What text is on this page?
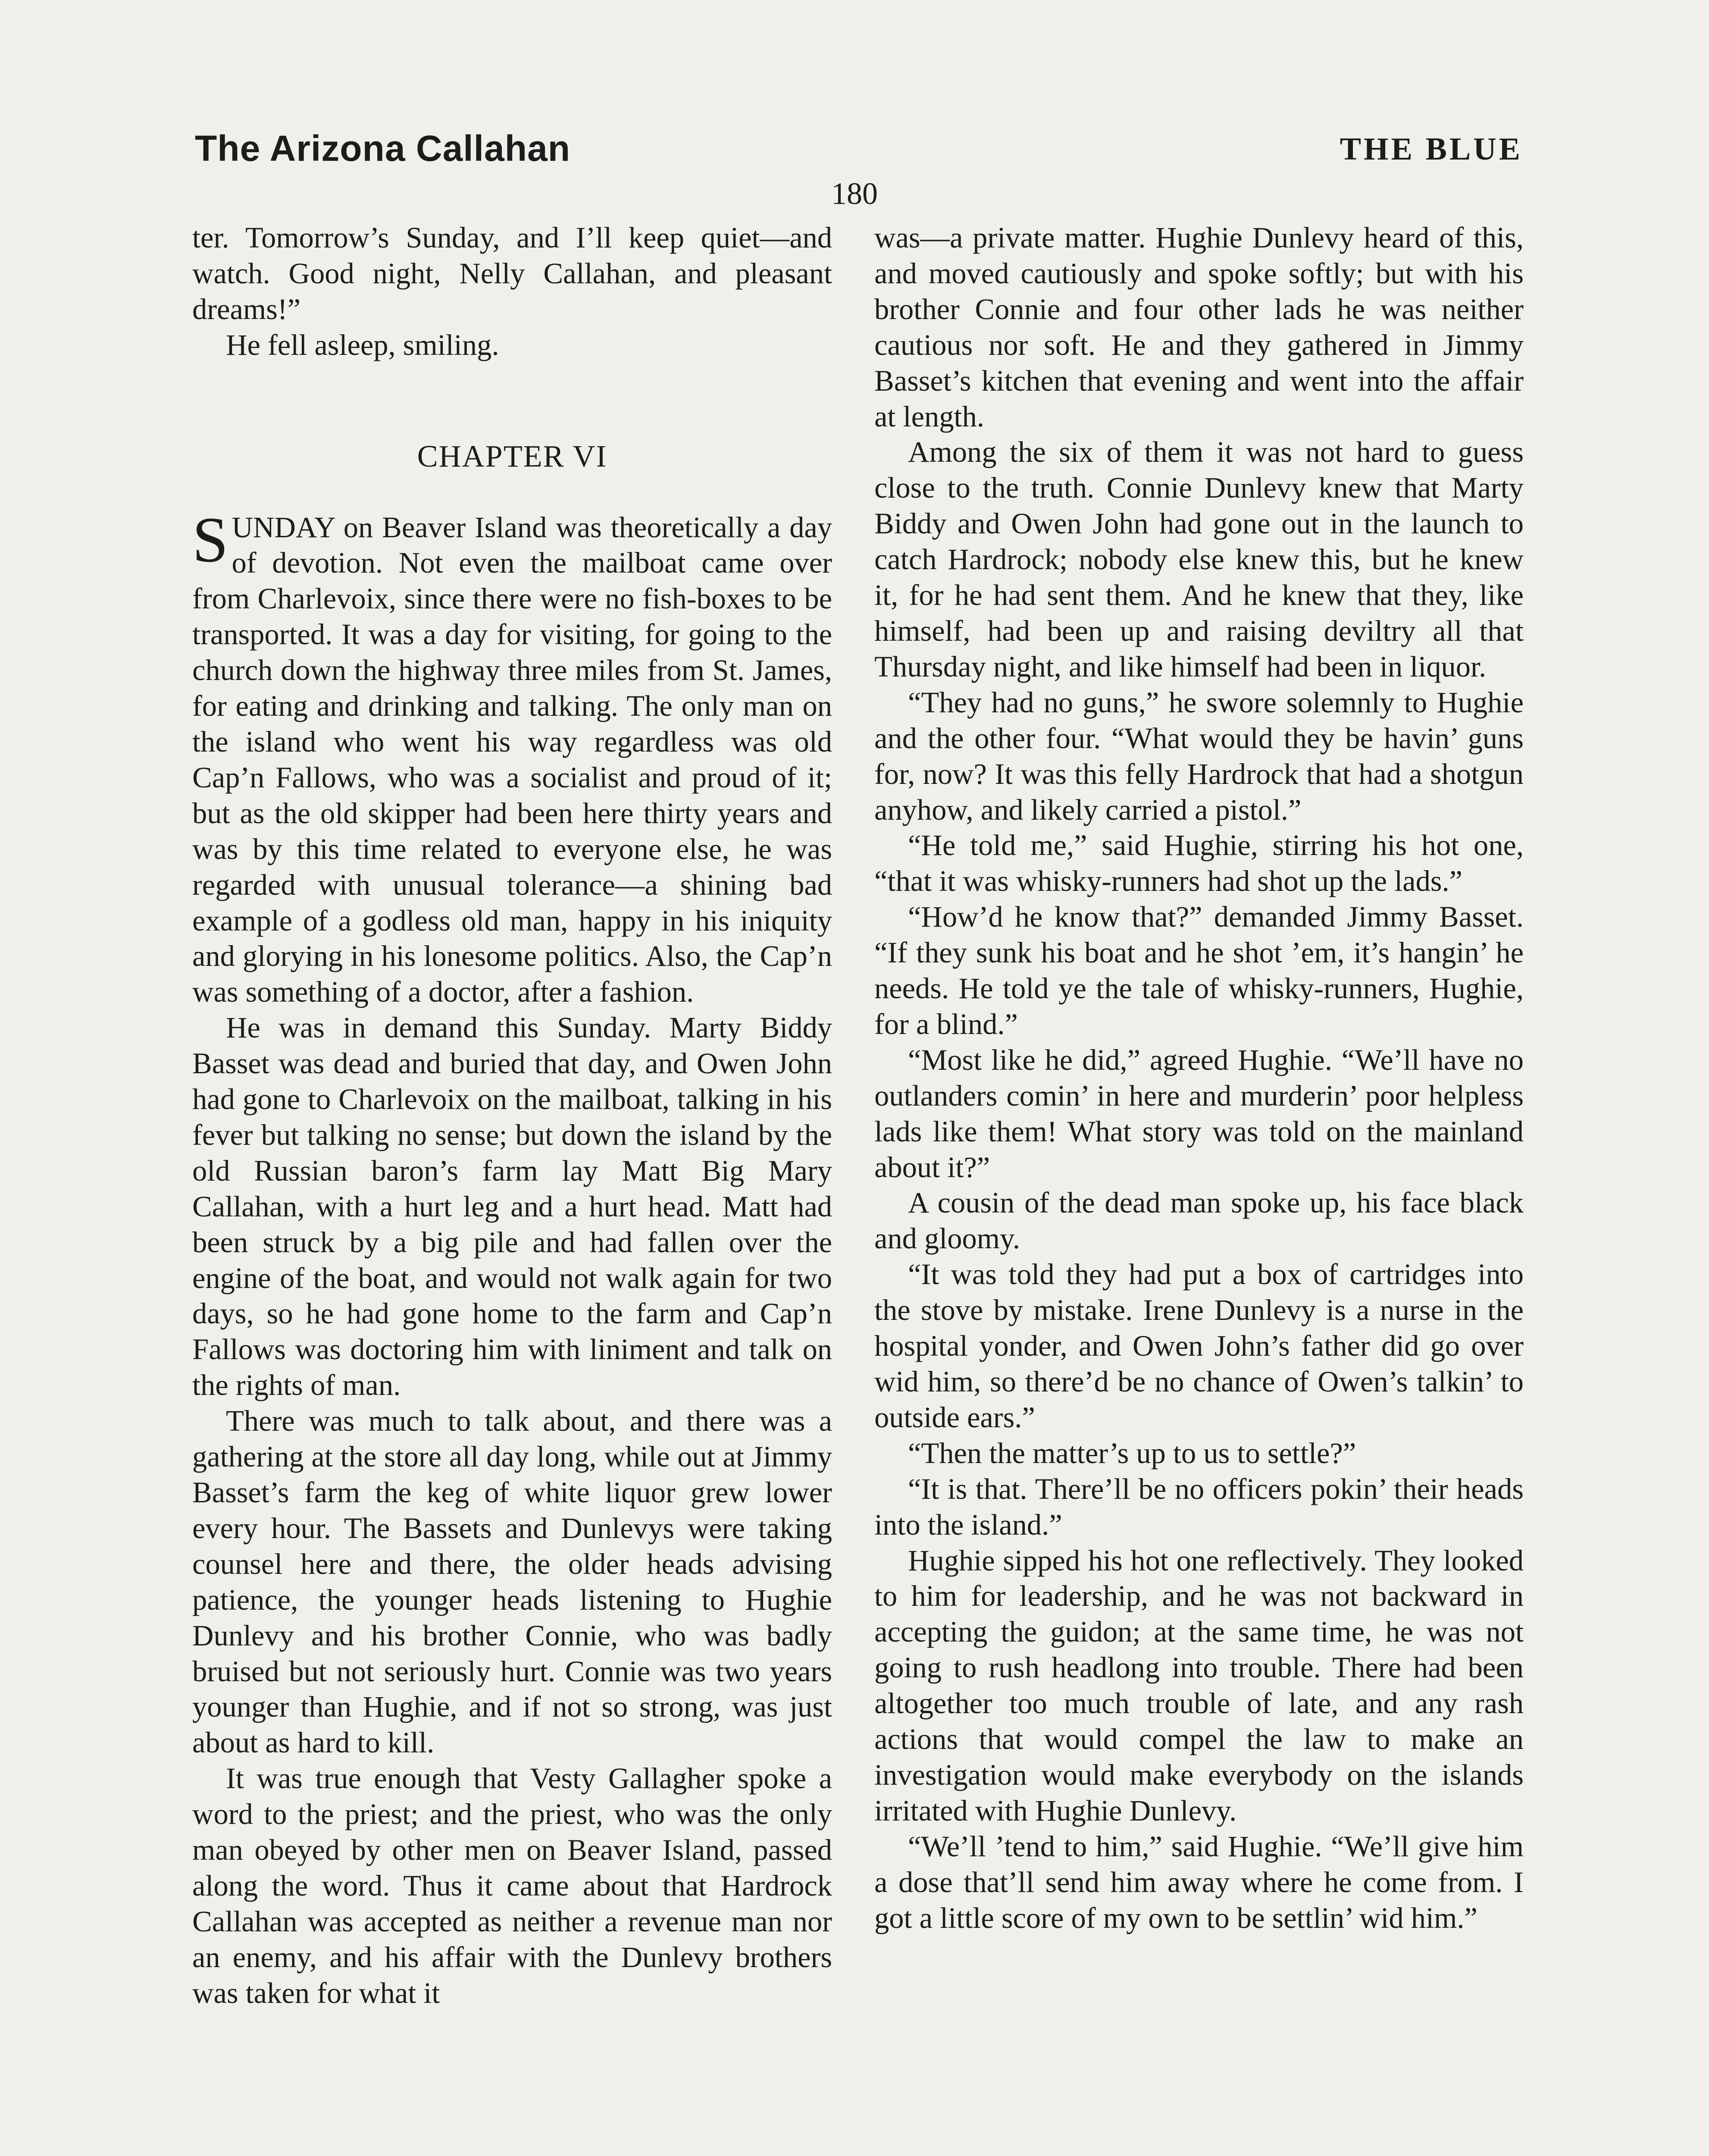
The Arizona Callahan	THE BLUE
180

ter. Tomorrow’s Sunday, and I’ll keep quiet—and watch. Good night, Nelly Callahan, and pleasant dreams!”

He fell asleep, smiling.

CHAPTER VI

SUNDAY on Beaver Island was theoretically a day of devotion. Not even the mailboat came over from Charlevoix, since there were no fish-boxes to be transported. It was a day for visiting, for going to the church down the highway three miles from St. James, for eating and drinking and talking. The only man on the island who went his way regardless was old Cap’n Fallows, who was a socialist and proud of it; but as the old skipper had been here thirty years and was by this time related to everyone else, he was regarded with unusual tolerance—a shining bad example of a godless old man, happy in his iniquity and glorying in his lonesome politics. Also, the Cap’n was something of a doctor, after a fashion.

He was in demand this Sunday. Marty Biddy Basset was dead and buried that day, and Owen John had gone to Charlevoix on the mailboat, talking in his fever but talking no sense; but down the island by the old Russian baron’s farm lay Matt Big Mary Callahan, with a hurt leg and a hurt head. Matt had been struck by a big pile and had fallen over the engine of the boat, and would not walk again for two days, so he had gone home to the farm and Cap’n Fallows was doctoring him with liniment and talk on the rights of man.

There was much to talk about, and there was a gathering at the store all day long, while out at Jimmy Basset’s farm the keg of white liquor grew lower every hour. The Bassets and Dunlevys were taking counsel here and there, the older heads advising patience, the younger heads listening to Hughie Dunlevy and his brother Connie, who was badly bruised but not seriously hurt. Connie was two years younger than Hughie, and if not so strong, was just about as hard to kill.

It was true enough that Vesty Gallagher spoke a word to the priest; and the priest, who was the only man obeyed by other men on Beaver Island, passed along the word. Thus it came about that Hardrock Callahan was accepted as neither a revenue man nor an enemy, and his affair with the Dunlevy brothers was taken for what it

was—a private matter. Hughie Dunlevy heard of this, and moved cautiously and spoke softly; but with his brother Connie and four other lads he was neither cautious nor soft. He and they gathered in Jimmy Basset’s kitchen that evening and went into the affair at length.

Among the six of them it was not hard to guess close to the truth. Connie Dunlevy knew that Marty Biddy and Owen John had gone out in the launch to catch Hardrock; nobody else knew this, but he knew it, for he had sent them. And he knew that they, like himself, had been up and raising deviltry all that Thursday night, and like himself had been in liquor.

“They had no guns,” he swore solemnly to Hughie and the other four. “What would they be havin’ guns for, now? It was this felly Hardrock that had a shotgun anyhow, and likely carried a pistol.”

“He told me,” said Hughie, stirring his hot one, “that it was whisky-runners had shot up the lads.”

“How’d he know that?” demanded Jimmy Basset. “If they sunk his boat and he shot ’em, it’s hangin’ he needs. He told ye the tale of whisky-runners, Hughie, for a blind.”

“Most like he did,” agreed Hughie. “We’ll have no outlanders comin’ in here and murderin’ poor helpless lads like them! What story was told on the mainland about it?”

A cousin of the dead man spoke up, his face black and gloomy.

“It was told they had put a box of cartridges into the stove by mistake. Irene Dunlevy is a nurse in the hospital yonder, and Owen John’s father did go over wid him, so there’d be no chance of Owen’s talkin’ to outside ears.”

“Then the matter’s up to us to settle?”

“It is that. There’ll be no officers pokin’ their heads into the island.”

Hughie sipped his hot one reflectively. They looked to him for leadership, and he was not backward in accepting the guidon; at the same time, he was not going to rush headlong into trouble. There had been altogether too much trouble of late, and any rash actions that would compel the law to make an investigation would make everybody on the islands irritated with Hughie Dunlevy.

“We’ll ’tend to him,” said Hughie. “We’ll give him a dose that’ll send him away where he come from. I got a little score of my own to be settlin’ wid him.”
